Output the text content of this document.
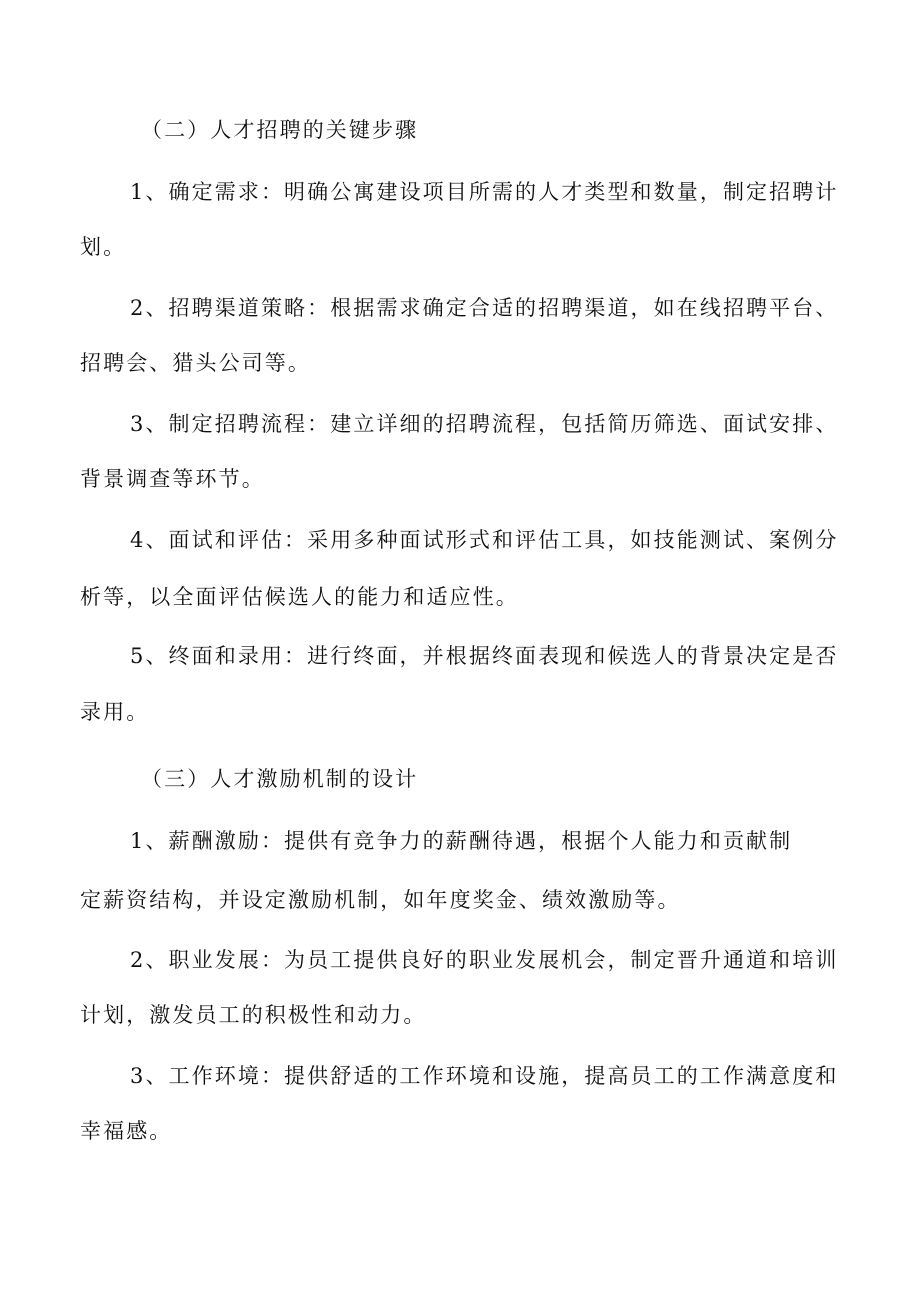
（二）人才招聘的关键步骤
1、确定需求：明确公寓建设项目所需的人才类型和数量，制定招聘计
划。
2、招聘渠道策略：根据需求确定合适的招聘渠道，如在线招聘平台、
招聘会、猎头公司等。
3、制定招聘流程：建立详细的招聘流程，包括简历筛选、面试安排、
背景调查等环节。
4、面试和评估：采用多种面试形式和评估工具，如技能测试、案例分
析等，以全面评估候选人的能力和适应性。
5、终面和录用：进行终面，并根据终面表现和候选人的背景决定是否
录用。
（三）人才激励机制的设计
1、薪酬激励：提供有竞争力的薪酬待遇，根据个人能力和贡献制
定薪资结构，并设定激励机制，如年度奖金、绩效激励等。
2、职业发展：为员工提供良好的职业发展机会，制定晋升通道和培训
计划，激发员工的积极性和动力。
3、工作环境：提供舒适的工作环境和设施，提高员工的工作满意度和
幸福感。
